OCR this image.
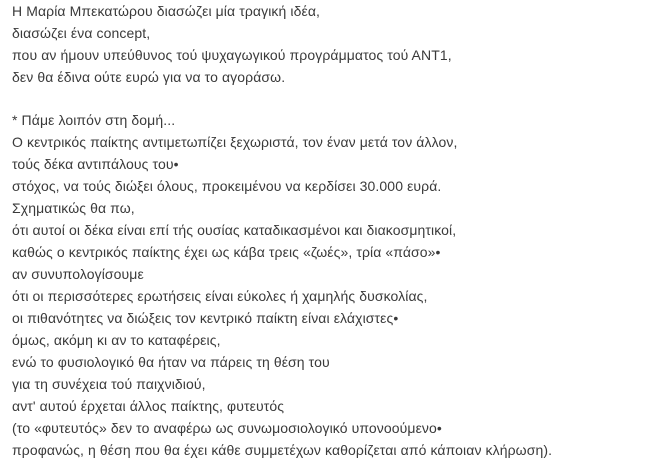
Η Μαρία Μπεκατώρου διασώζει μία τραγική ιδέα,
διασώζει ένα concept,
που αν ήμουν υπεύθυνος τού ψυχαγωγικού προγράμματος τού ΑΝΤ1,
δεν θα έδινα ούτε ευρώ για να το αγοράσω.
* Πάμε λοιπόν στη δομή...
Ο κεντρικός παίκτης αντιμετωπίζει ξεχωριστά, τον έναν μετά τον άλλον,
τούς δέκα αντιπάλους του•
στόχος, να τούς διώξει όλους, προκειμένου να κερδίσει 30.000 ευρά.
Σχηματικώς θα πω,
ότι αυτοί οι δέκα είναι επί τής ουσίας καταδικασμένοι και διακοσμητικοί,
καθώς ο κεντρικός παίκτης έχει ως κάβα τρεις «ζωές», τρία «πάσο»•
αν συνυπολογίσουμε
ότι οι περισσότερες ερωτήσεις είναι εύκολες ή χαμηλής δυσκολίας,
οι πιθανότητες να διώξεις τον κεντρικό παίκτη είναι ελάχιστες•
όμως, ακόμη κι αν το καταφέρεις,
ενώ το φυσιολογικό θα ήταν να πάρεις τη θέση του
για τη συνέχεια τού παιχνιδιού,
αντ' αυτού έρχεται άλλος παίκτης, φυτευτός
(το «φυτευτός» δεν το αναφέρω ως συνωμοσιολογικό υπονοούμενο•
προφανώς, η θέση που θα έχει κάθε συμμετέχων καθορίζεται από κάποιαν κλήρωση).
